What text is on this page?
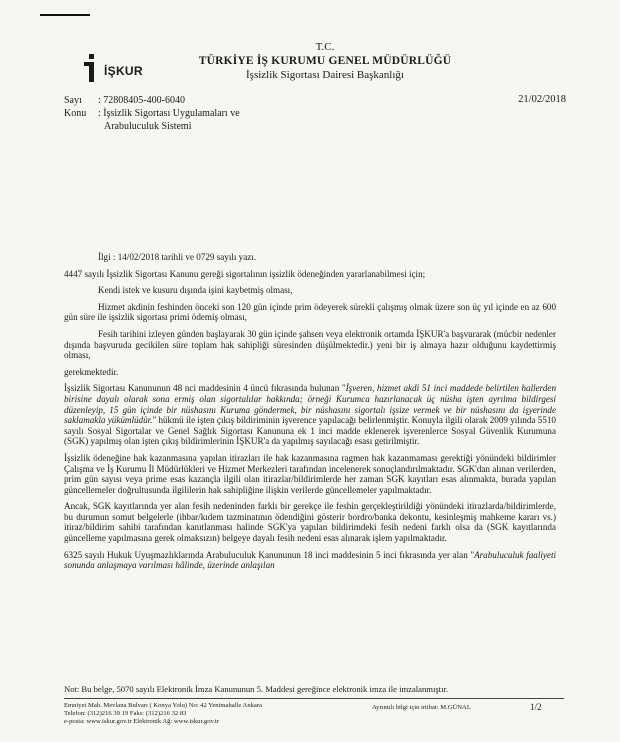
İŞKUR
T.C.
TÜRKİYE İŞ KURUMU GENEL MÜDÜRLÜĞÜ
İşsizlik Sigortası Dairesi Başkanlığı
Sayı	: 72808405-400-6040
Konu	: İşsizlik Sigortası Uygulamaları ve
Arabuluculuk Sistemi
21/02/2018

İlgi : 14/02/2018 tarihli ve 0729 sayılı yazı.

4447 sayılı İşsizlik Sigortası Kanunu gereği sigortalının işsizlik ödeneğinden yararlanabilmesi için;

Kendi istek ve kusuru dışında işini kaybetmiş olması,

Hizmet akdinin feshinden önceki son 120 gün içinde prim ödeyerek sürekli çalışmış olmak üzere son üç yıl içinde en az 600 gün süre ile işsizlik sigortası primi ödemiş olması,

Fesih tarihini izleyen günden başlayarak 30 gün içinde şahsen veya elektronik ortamda İŞKUR'a başvurarak (mücbir nedenler dışında başvuruda gecikilen süre toplam hak sahipliği süresinden düşülmektedir.) yeni bir iş almaya hazır olduğunu kaydettirmiş olması,

gerekmektedir.

İşsizlik Sigortası Kanununun 48 nci maddesinin 4 üncü fıkrasında bulunan "İşveren, hizmet akdi 51 inci maddede belirtilen hallerden birisine dayalı olarak sona ermiş olan sigortalılar hakkında; örneği Kurumca hazırlanacak üç nüsha işten ayrılma bildirgesi düzenleyip, 15 gün içinde bir nüshasını Kuruma göndermek, bir nüshasını sigortalı işsize vermek ve bir nüshasını da işyerinde saklamakla yükümlüdür." hükmü ile işten çıkış bildiriminin işverence yapılacağı belirlenmiştir. Konuyla ilgili olarak 2009 yılında 5510 sayılı Sosyal Sigortalar ve Genel Sağlık Sigortası Kanununa ek 1 inci madde eklenerek işverenlerce Sosyal Güvenlik Kurumuna (SGK) yapılmış olan işten çıkış bildirimlerinin İŞKUR'a da yapılmış sayılacağı esası getirilmiştir.

İşsizlik ödeneğine hak kazanmasına yapılan itirazları ile hak kazanmasına ragmen hak kazanmaması gerektiği yönündeki bildirimler Çalışma ve İş Kurumu İl Müdürlükleri ve Hizmet Merkezleri tarafından incelenerek sonuçlandırılmaktadır. SGK'dan alınan verilerden, prim gün sayısı veya prime esas kazançla ilgili olan itirazlar/bildirimlerde her zaman SGK kayıtları esas alınmakta, burada yapılan güncellemeler doğrultusunda ilgililerin hak sahipliğine ilişkin verilerde güncellemeler yapılmaktadır.

Ancak, SGK kayıtlarında yer alan fesih nedeninden farklı bir gerekçe ile feshin gerçekleştirildiği yönündeki itirazlarda/bildirimlerde, bu durumun somut belgelerle (ihbar/kıdem tazminatının ödendiğini gösterir bordro/banka dekontu, kesinleşmiş mahkeme kararı vs.) itiraz/bildirim sahibi tarafından kanıtlanması halinde SGK'ya yapılan bildirimdeki fesih nedeni farklı olsa da (SGK kayıtlarında güncelleme yapılmasına gerek olmaksızın) belgeye dayalı fesih nedeni esas alınarak işlem yapılmaktadır.

6325 sayılı Hukuk Uyuşmazlıklarında Arabuluculuk Kanununun 18 inci maddesinin 5 inci fıkrasında yer alan "Arabuluculuk faaliyeti sonunda anlaşmaya varılması hâlinde, üzerinde anlaşılan

Not: Bu belge, 5070 sayılı Elektronik İmza Kanununun 5. Maddesi gereğince elektronik imza ile imzalanmıştır.
Emniyet Mah. Mevlana Bulvarı ( Konya Yolu) No: 42 Yenimahalle Ankara
Telefon: (312)216 39 19 Faks: (312)216 32 83
e-posta: www.iskur.gov.tr Elektronik Ağ: www.iskur.gov.tr
Ayrıntılı bilgi için irtibat: M.GÜNAL	1/2
